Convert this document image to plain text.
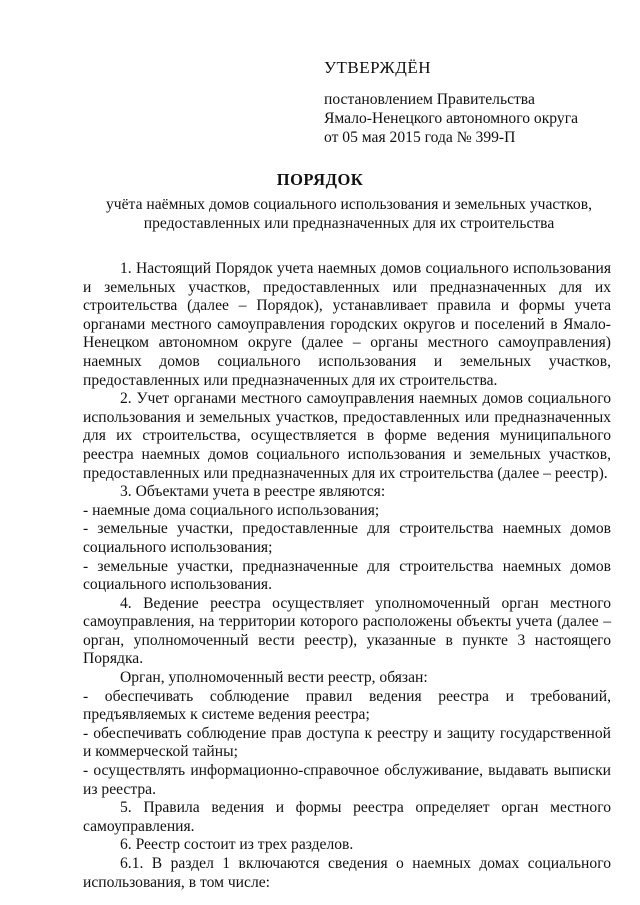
УТВЕРЖДЁН
постановлением Правительства
Ямало-Ненецкого автономного округа
от 05 мая 2015 года № 399-П
ПОРЯДОК
учёта наёмных домов социального использования и земельных участков, предоставленных или предназначенных для их строительства

1. Настоящий Порядок учета наемных домов социального использования и земельных участков, предоставленных или предназначенных для их строительства (далее – Порядок), устанавливает правила и формы учета органами местного самоуправления городских округов и поселений в Ямало-Ненецком автономном округе (далее – органы местного самоуправления) наемных домов социального использования и земельных участков, предоставленных или предназначенных для их строительства.

2. Учет органами местного самоуправления наемных домов социального использования и земельных участков, предоставленных или предназначенных для их строительства, осуществляется в форме ведения муниципального реестра наемных домов социального использования и земельных участков, предоставленных или предназначенных для их строительства (далее – реестр).

3. Объектами учета в реестре являются:

- наемные дома социального использования;

- земельные участки, предоставленные для строительства наемных домов социального использования;

- земельные участки, предназначенные для строительства наемных домов социального использования.

4. Ведение реестра осуществляет уполномоченный орган местного самоуправления, на территории которого расположены объекты учета (далее – орган, уполномоченный вести реестр), указанные в пункте 3 настоящего Порядка.

Орган, уполномоченный вести реестр, обязан:

- обеспечивать соблюдение правил ведения реестра и требований, предъявляемых к системе ведения реестра;

- обеспечивать соблюдение прав доступа к реестру и защиту государственной и коммерческой тайны;

- осуществлять информационно-справочное обслуживание, выдавать выписки из реестра.

5. Правила ведения и формы реестра определяет орган местного самоуправления.

6. Реестр состоит из трех разделов.

6.1. В раздел 1 включаются сведения о наемных домах социального использования, в том числе:
